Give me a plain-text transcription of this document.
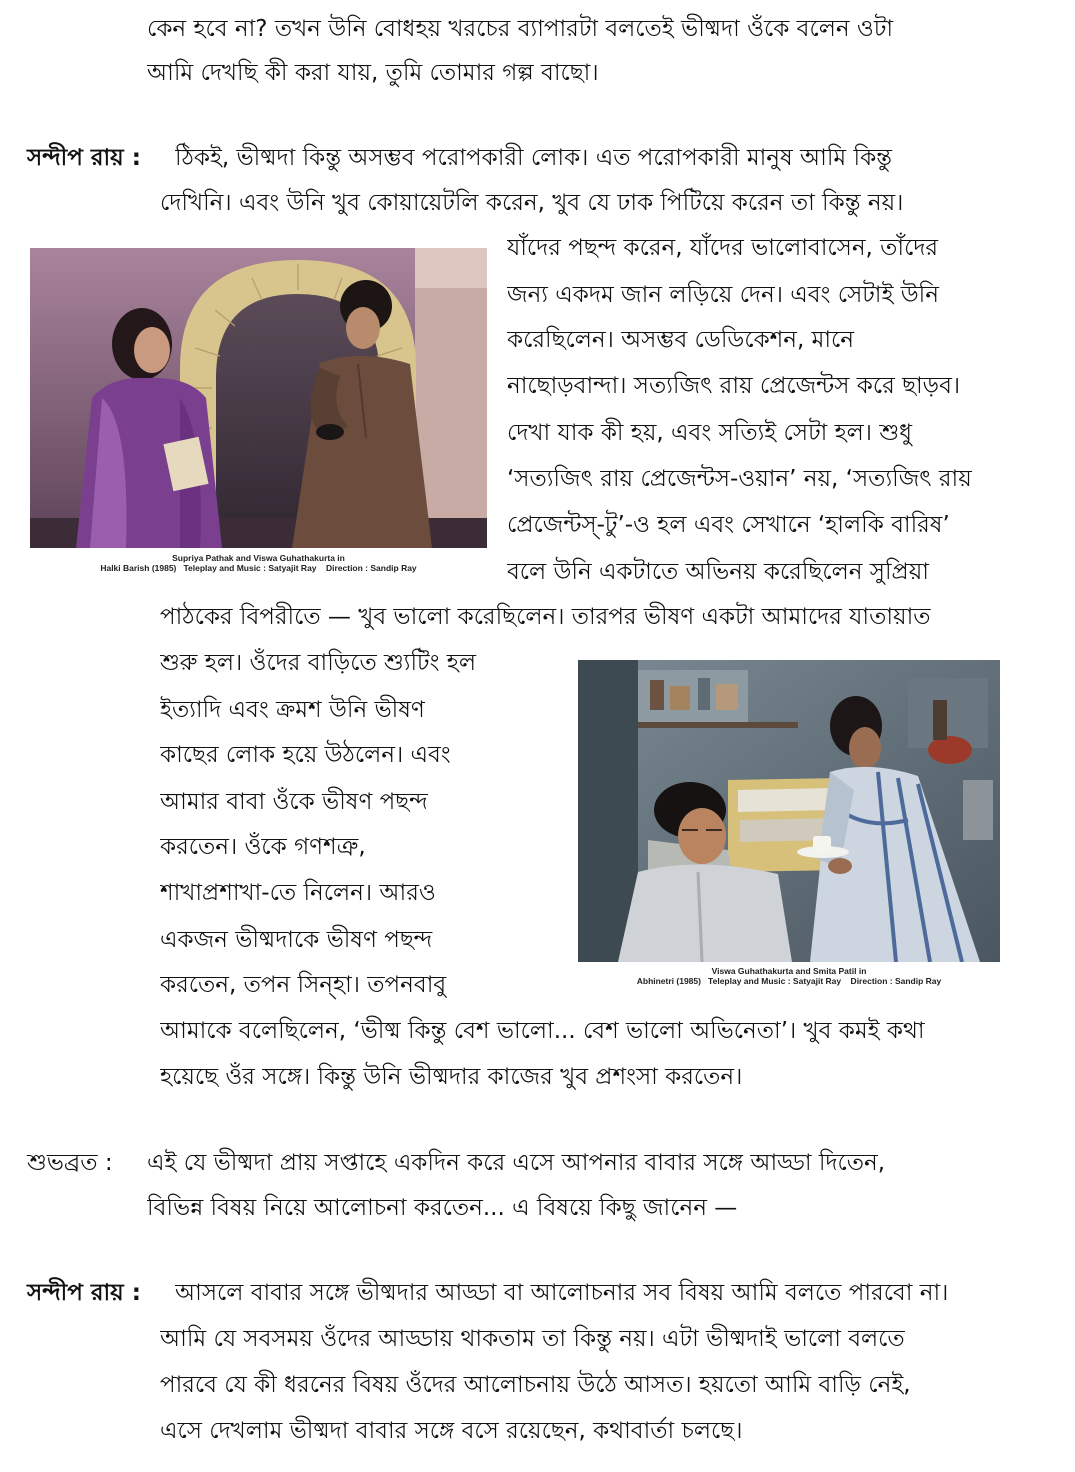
কেন হবে না? তখন উনি বোধহয় খরচের ব্যাপারটা বলতেই ভীষ্মদা ওঁকে বলেন ওটা
আমি দেখছি কী করা যায়, তুমি তোমার গল্প বাছো।
সন্দীপ রায় : ঠিকই, ভীষ্মদা কিন্তু অসম্ভব পরোপকারী লোক। এত পরোপকারী মানুষ আমি কিন্তু
দেখিনি। এবং উনি খুব কোয়ায়েটলি করেন, খুব যে ঢাক পিটিয়ে করেন তা কিন্তু নয়।
Supriya Pathak and Viswa Guhathakurta in
Halki Barish (1985)   Teleplay and Music : Satyajit Ray    Direction : Sandip Ray
যাঁদের পছন্দ করেন, যাঁদের ভালোবাসেন, তাঁদের
জন্য একদম জান লড়িয়ে দেন। এবং সেটাই উনি
করেছিলেন। অসম্ভব ডেডিকেশন, মানে
নাছোড়বান্দা। সত্যজিৎ রায় প্রেজেন্টস করে ছাড়ব।
দেখা যাক কী হয়, এবং সত্যিই সেটা হল। শুধু
‘সত্যজিৎ রায় প্রেজেন্টস-ওয়ান’ নয়, ‘সত্যজিৎ রায়
প্রেজেন্টস্-টু’-ও হল এবং সেখানে ‘হালকি বারিষ’
বলে উনি একটাতে অভিনয় করেছিলেন সুপ্রিয়া
পাঠকের বিপরীতে — খুব ভালো করেছিলেন। তারপর ভীষণ একটা আমাদের যাতায়াত
শুরু হল। ওঁদের বাড়িতে শ্যুটিং হল
ইত্যাদি এবং ক্রমশ উনি ভীষণ
কাছের লোক হয়ে উঠলেন। এবং
আমার বাবা ওঁকে ভীষণ পছন্দ
করতেন। ওঁকে গণশত্রু,
শাখাপ্রশাখা-তে নিলেন। আরও
একজন ভীষ্মদাকে ভীষণ পছন্দ
করতেন, তপন সিন্হা। তপনবাবু
Viswa Guhathakurta and Smita Patil in
Abhinetri (1985)   Teleplay and Music : Satyajit Ray    Direction : Sandip Ray
আমাকে বলেছিলেন, ‘ভীষ্ম কিন্তু বেশ ভালো... বেশ ভালো অভিনেতা’। খুব কমই কথা
হয়েছে ওঁর সঙ্গে। কিন্তু উনি ভীষ্মদার কাজের খুব প্রশংসা করতেন।
শুভব্রত : এই যে ভীষ্মদা প্রায় সপ্তাহে একদিন করে এসে আপনার বাবার সঙ্গে আড্ডা দিতেন,
বিভিন্ন বিষয় নিয়ে আলোচনা করতেন... এ বিষয়ে কিছু জানেন —
সন্দীপ রায় : আসলে বাবার সঙ্গে ভীষ্মদার আড্ডা বা আলোচনার সব বিষয় আমি বলতে পারবো না।
আমি যে সবসময় ওঁদের আড্ডায় থাকতাম তা কিন্তু নয়। এটা ভীষ্মদাই ভালো বলতে
পারবে যে কী ধরনের বিষয় ওঁদের আলোচনায় উঠে আসত। হয়তো আমি বাড়ি নেই,
এসে দেখলাম ভীষ্মদা বাবার সঙ্গে বসে রয়েছেন, কথাবার্তা চলছে।
